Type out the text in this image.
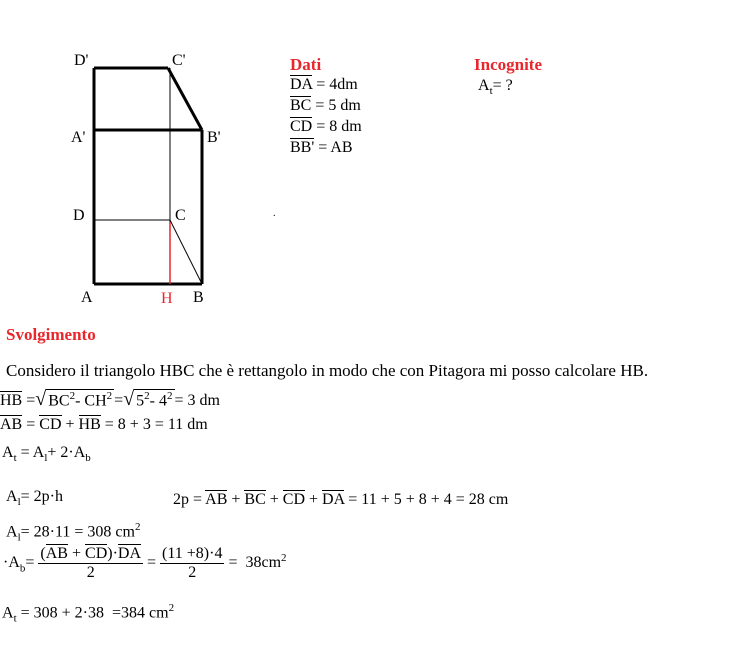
D'	C'
A'	B'
D	C
A	H B
Dati
DA = 4dm
BC = 5 dm
CD = 8 dm
BB' = AB
Incognite
$A_t=$ ?
.
Svolgimento
Considero il triangolo HBC che è rettangolo in modo che con Pitagora mi posso calcolare HB.
HB =√ $BC^2-$ $CH^2$ =√ $5^2-$ $4^2 = 3$ dm
AB = CD + HB = 8 + 3 = 11 dm
$A_t = A_l+ 2\cdot A_b$
$A_l= 2p\cdot h$	2p = AB + BC + CD + DA = 11 + 5 + 8 + 4 = 28 cm
$A_l= 28\cdot 11 = 308$ $cm^2$
$\cdot A_b= \frac{(AB + CD)\cdot DA}{2} = \frac{(11 +8)\cdot 4}{2} = 38cm^2$
$A_t = 308 + 2\cdot 38 =384$ $cm^2$
